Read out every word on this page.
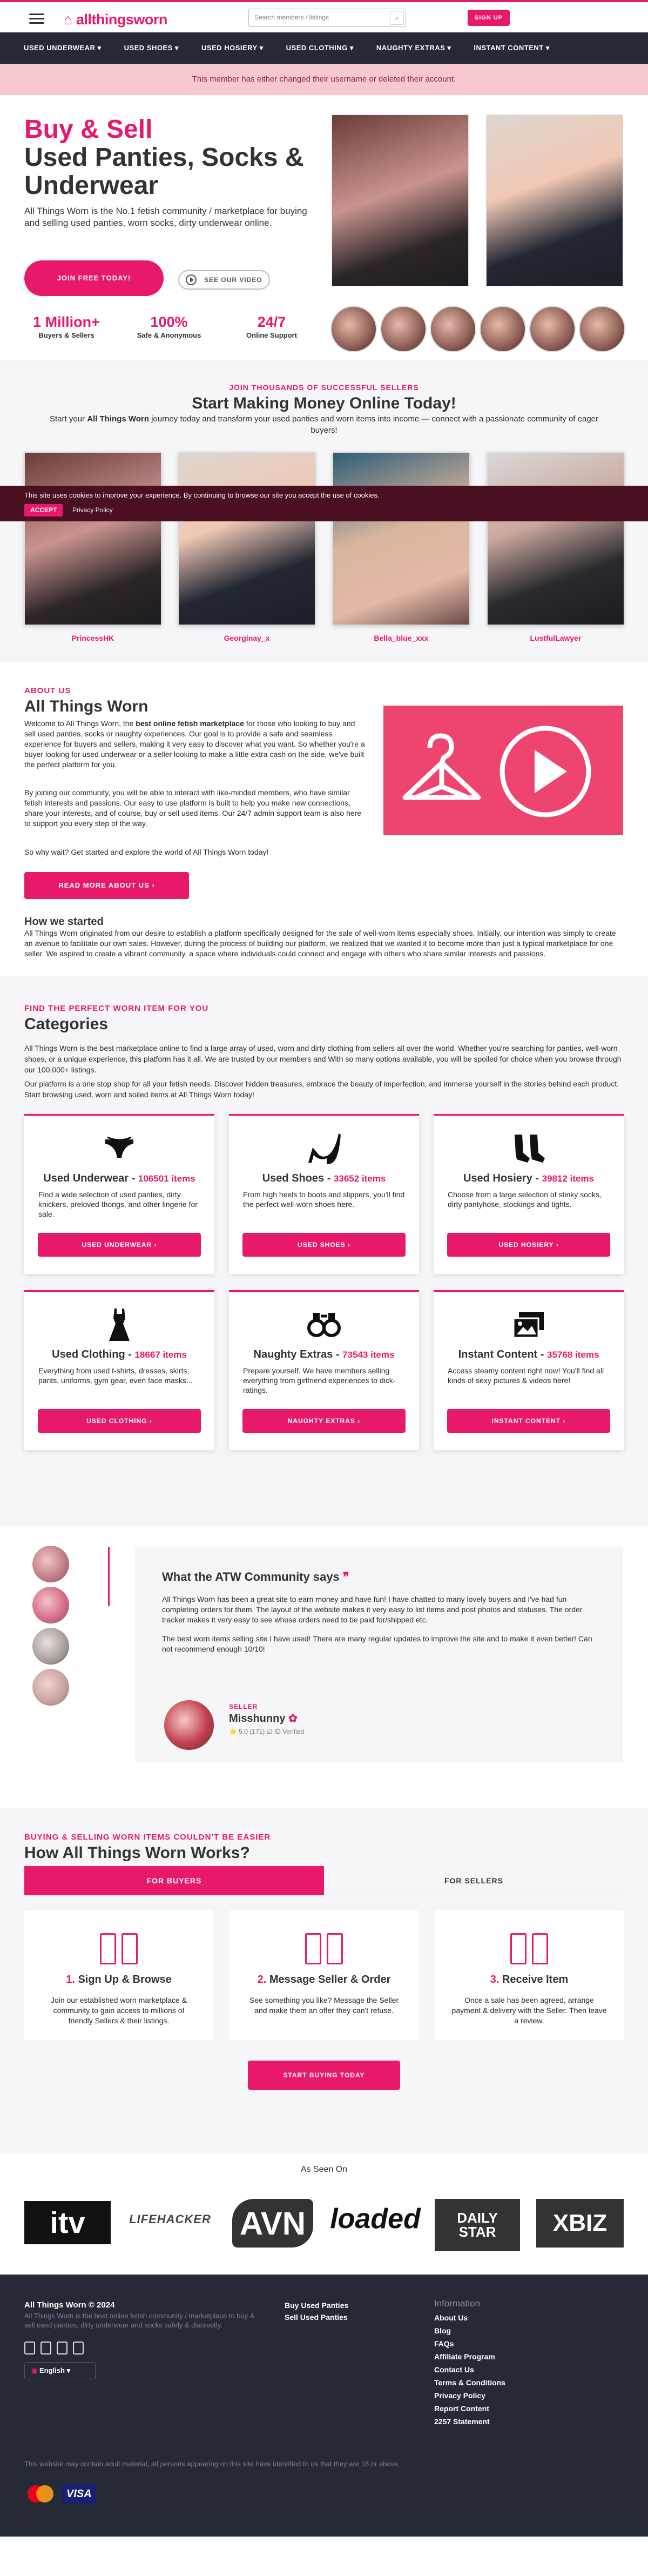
⌂ allthingsworn	Search members / listings	⌕	SIGN UP
USED UNDERWEAR ▾	USED SHOES ▾	USED HOSIERY ▾	USED CLOTHING ▾	NAUGHTY EXTRAS ▾	INSTANT CONTENT ▾
This member has either changed their username or deleted their account.
Buy & Sell
Used Panties, Socks &
Underwear
All Things Worn is the No.1 fetish community / marketplace for buying and selling used panties, worn socks, dirty underwear online.
JOIN FREE TODAY!	SEE OUR VIDEO
1 Million+
Buyers & Sellers
100%
Safe & Anonymous
24/7
Online Support
JOIN THOUSANDS OF SUCCESSFUL SELLERS
Start Making Money Online Today!
Start your All Things Worn journey today and transform your used panties and worn items into income — connect with a passionate community of eager buyers!
PrincessHK	Georginay_x	Bella_blue_xxx	LustfulLawyer
This site uses cookies to improve your experience. By continuing to browse our site you accept the use of cookies.
ACCEPT Privacy Policy
ABOUT US
All Things Worn
Welcome to All Things Worn, the best online fetish marketplace for those who looking to buy and sell used panties, socks or naughty experiences. Our goal is to provide a safe and seamless experience for buyers and sellers, making it very easy to discover what you want. So whether you're a buyer looking for used underwear or a seller looking to make a little extra cash on the side, we've built the perfect platform for you.
By joining our community, you will be able to interact with like-minded members, who have similar fetish interests and passions. Our easy to use platform is built to help you make new connections, share your interests, and of course, buy or sell used items. Our 24/7 admin support team is also here to support you every step of the way.
So why wait? Get started and explore the world of All Things Worn today!
READ MORE ABOUT US ›
How we started
All Things Worn originated from our desire to establish a platform specifically designed for the sale of well-worn items especially shoes. Initially, our intention was simply to create an avenue to facilitate our own sales. However, during the process of building our platform, we realized that we wanted it to become more than just a typical marketplace for one seller. We aspired to create a vibrant community, a space where individuals could connect and engage with others who share similar interests and passions.
FIND THE PERFECT WORN ITEM FOR YOU
Categories
All Things Worn is the best marketplace online to find a large array of used, worn and dirty clothing from sellers all over the world. Whether you're searching for panties, well-worn shoes, or a unique experience, this platform has it all. We are trusted by our members and With so many options available, you will be spoiled for choice when you browse through our 100,000+ listings.
Our platform is a one stop shop for all your fetish needs. Discover hidden treasures, embrace the beauty of imperfection, and immerse yourself in the stories behind each product. Start browsing used, worn and soiled items at All Things Worn today!
Used Underwear - 106501 items

Find a wide selection of used panties, dirty knickers, preloved thongs, and other lingerie for sale.

USED UNDERWEAR ›
Used Shoes - 33652 items

From high heels to boots and slippers, you'll find the perfect well-worn shoes here.

USED SHOES ›
Used Hosiery - 39812 items

Choose from a large selection of stinky socks, dirty pantyhose, stockings and tights.

USED HOSIERY ›
Used Clothing - 18667 items

Everything from used t-shirts, dresses, skirts, pants, uniforms, gym gear, even face masks...

USED CLOTHING ›
Naughty Extras - 73543 items

Prepare yourself. We have members selling everything from girlfriend experiences to dick-ratings.

NAUGHTY EXTRAS ›
Instant Content - 35768 items

Access steamy content right now! You'll find all kinds of sexy pictures & videos here!

INSTANT CONTENT ›
What the ATW Community says ❞

All Things Worn has been a great site to earn money and have fun! I have chatted to many lovely buyers and I've had fun completing orders for them. The layout of the website makes it very easy to list items and post photos and statuses. The order tracker makes it very easy to see whose orders need to be paid for/shipped etc.

The best worn items selling site I have used! There are many regular updates to improve the site and to make it even better! Can not recommend enough 10/10!

SELLER
Misshunny ✿
⭐ 5.0 (171) ☑ ID Verified
BUYING & SELLING WORN ITEMS COULDN'T BE EASIER
How All Things Worn Works?
FOR BUYERS	FOR SELLERS
1. Sign Up & Browse

Join our established worn marketplace & community to gain access to millions of friendly Sellers & their listings.

2. Message Seller & Order

See something you like? Message the Seller and make them an offer they can't refuse.

3. Receive Item

Once a sale has been agreed, arrange payment & delivery with the Seller. Then leave a review.

START BUYING TODAY
As Seen On
itv	LIFEHACKER AVN loaded	DAILY STAR	XBIZ
All Things Worn © 2024
All Things Worn is the best online fetish community / marketplace to buy & sell used panties, dirty underwear and socks safely & discreetly.
◉ English ▾
Buy Used Panties
Sell Used Panties
Information
About Us
Blog
FAQs
Affiliate Program
Contact Us
Terms & Conditions
Privacy Policy
Report Content
2257 Statement
This website may contain adult material, all persons appearing on this site have identified to us that they are 18 or above.
VISA
